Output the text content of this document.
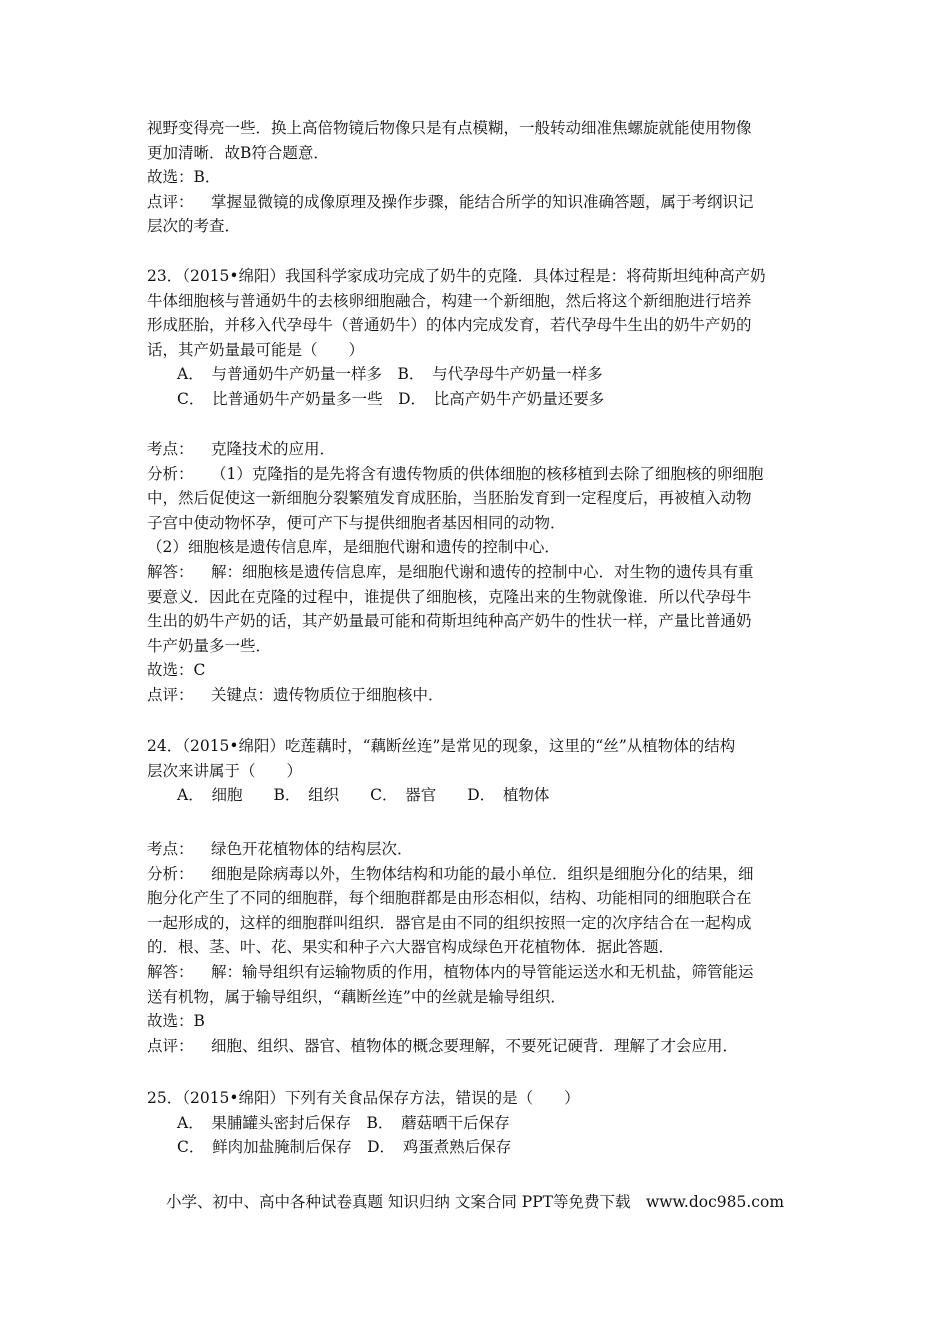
视野变得亮一些．换上高倍物镜后物像只是有点模糊，一般转动细准焦螺旋就能使用物像
更加清晰．故B符合题意．
故选：B．
点评： 掌握显微镜的成像原理及操作步骤，能结合所学的知识准确答题，属于考纲识记
层次的考查．
23．（2015•绵阳）我国科学家成功完成了奶牛的克隆．具体过程是：将荷斯坦纯种高产奶
牛体细胞核与普通奶牛的去核卵细胞融合，构建一个新细胞，然后将这个新细胞进行培养
形成胚胎，并移入代孕母牛（普通奶牛）的体内完成发育，若代孕母牛生出的奶牛产奶的
话，其产奶量最可能是（　　）
A．　与普通奶牛产奶量一样多　B．　与代孕母牛产奶量一样多
C．　比普通奶牛产奶量多一些　D．　比高产奶牛产奶量还要多
考点： 克隆技术的应用．
分析： （1）克隆指的是先将含有遗传物质的供体细胞的核移植到去除了细胞核的卵细胞
中，然后促使这一新细胞分裂繁殖发育成胚胎，当胚胎发育到一定程度后，再被植入动物
子宫中使动物怀孕，便可产下与提供细胞者基因相同的动物．
（2）细胞核是遗传信息库，是细胞代谢和遗传的控制中心．
解答： 解：细胞核是遗传信息库，是细胞代谢和遗传的控制中心．对生物的遗传具有重
要意义．因此在克隆的过程中，谁提供了细胞核，克隆出来的生物就像谁．所以代孕母牛
生出的奶牛产奶的话，其产奶量最可能和荷斯坦纯种高产奶牛的性状一样，产量比普通奶
牛产奶量多一些．
故选：C
点评： 关键点：遗传物质位于细胞核中．
24．（2015•绵阳）吃莲藕时，“藕断丝连”是常见的现象，这里的“丝”从植物体的结构
层次来讲属于（　　）
A．　细胞　　B．　组织　　C．　器官　　D．　植物体
考点： 绿色开花植物体的结构层次．
分析： 细胞是除病毒以外，生物体结构和功能的最小单位．组织是细胞分化的结果，细
胞分化产生了不同的细胞群，每个细胞群都是由形态相似，结构、功能相同的细胞联合在
一起形成的，这样的细胞群叫组织．器官是由不同的组织按照一定的次序结合在一起构成
的．根、茎、叶、花、果实和种子六大器官构成绿色开花植物体．据此答题．
解答： 解：输导组织有运输物质的作用，植物体内的导管能运送水和无机盐，筛管能运
送有机物，属于输导组织，“藕断丝连”中的丝就是输导组织．
故选：B
点评： 细胞、组织、器官、植物体的概念要理解，不要死记硬背．理解了才会应用．
25．（2015•绵阳）下列有关食品保存方法，错误的是（　　）
A．　果脯罐头密封后保存　B．　蘑菇晒干后保存
C．　鲜肉加盐腌制后保存　D．　鸡蛋煮熟后保存
小学、初中、高中各种试卷真题 知识归纳 文案合同 PPT等免费下载　www.doc985.com
